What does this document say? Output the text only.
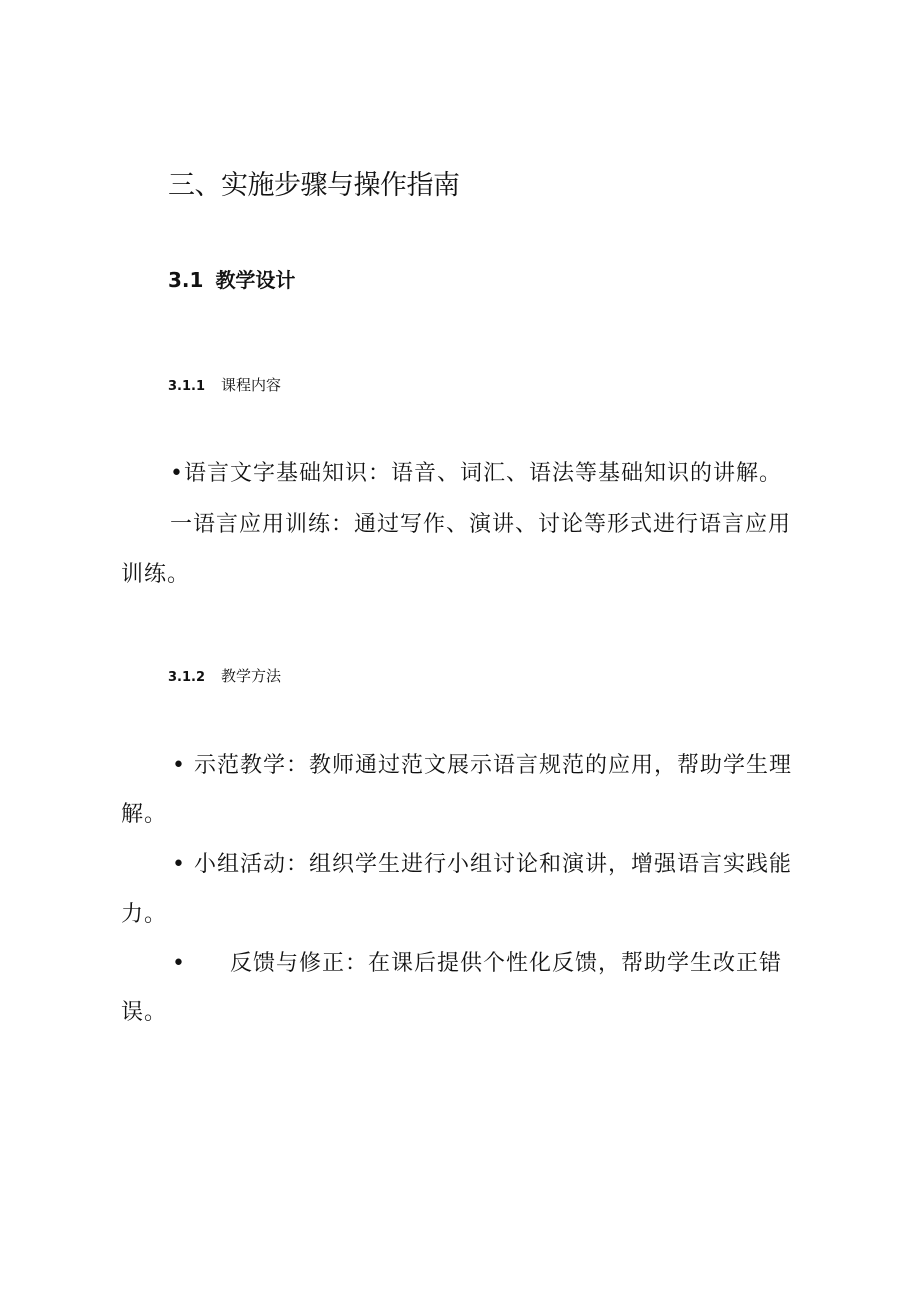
三、实施步骤与操作指南
3.1 教学设计
3.1.1 课程内容
•语言文字基础知识：语音、词汇、语法等基础知识的讲解。
一语言应用训练：通过写作、演讲、讨论等形式进行语言应用
训练。
3.1.2 教学方法
• 示范教学：教师通过范文展示语言规范的应用，帮助学生理
解。
• 小组活动：组织学生进行小组讨论和演讲，增强语言实践能
力。
• 反馈与修正：在课后提供个性化反馈，帮助学生改正错
误。
